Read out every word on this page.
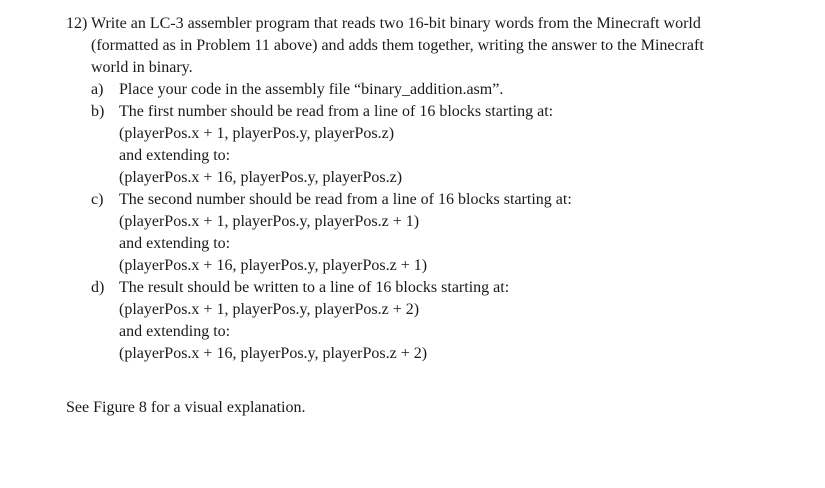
12) Write an LC-3 assembler program that reads two 16-bit binary words from the Minecraft world
(formatted as in Problem 11 above) and adds them together, writing the answer to the Minecraft
world in binary.
a) Place your code in the assembly file “binary_addition.asm”.
b) The first number should be read from a line of 16 blocks starting at:
(playerPos.x + 1, playerPos.y, playerPos.z)
and extending to:
(playerPos.x + 16, playerPos.y, playerPos.z)
c) The second number should be read from a line of 16 blocks starting at:
(playerPos.x + 1, playerPos.y, playerPos.z + 1)
and extending to:
(playerPos.x + 16, playerPos.y, playerPos.z + 1)
d) The result should be written to a line of 16 blocks starting at:
(playerPos.x + 1, playerPos.y, playerPos.z + 2)
and extending to:
(playerPos.x + 16, playerPos.y, playerPos.z + 2)
See Figure 8 for a visual explanation.
